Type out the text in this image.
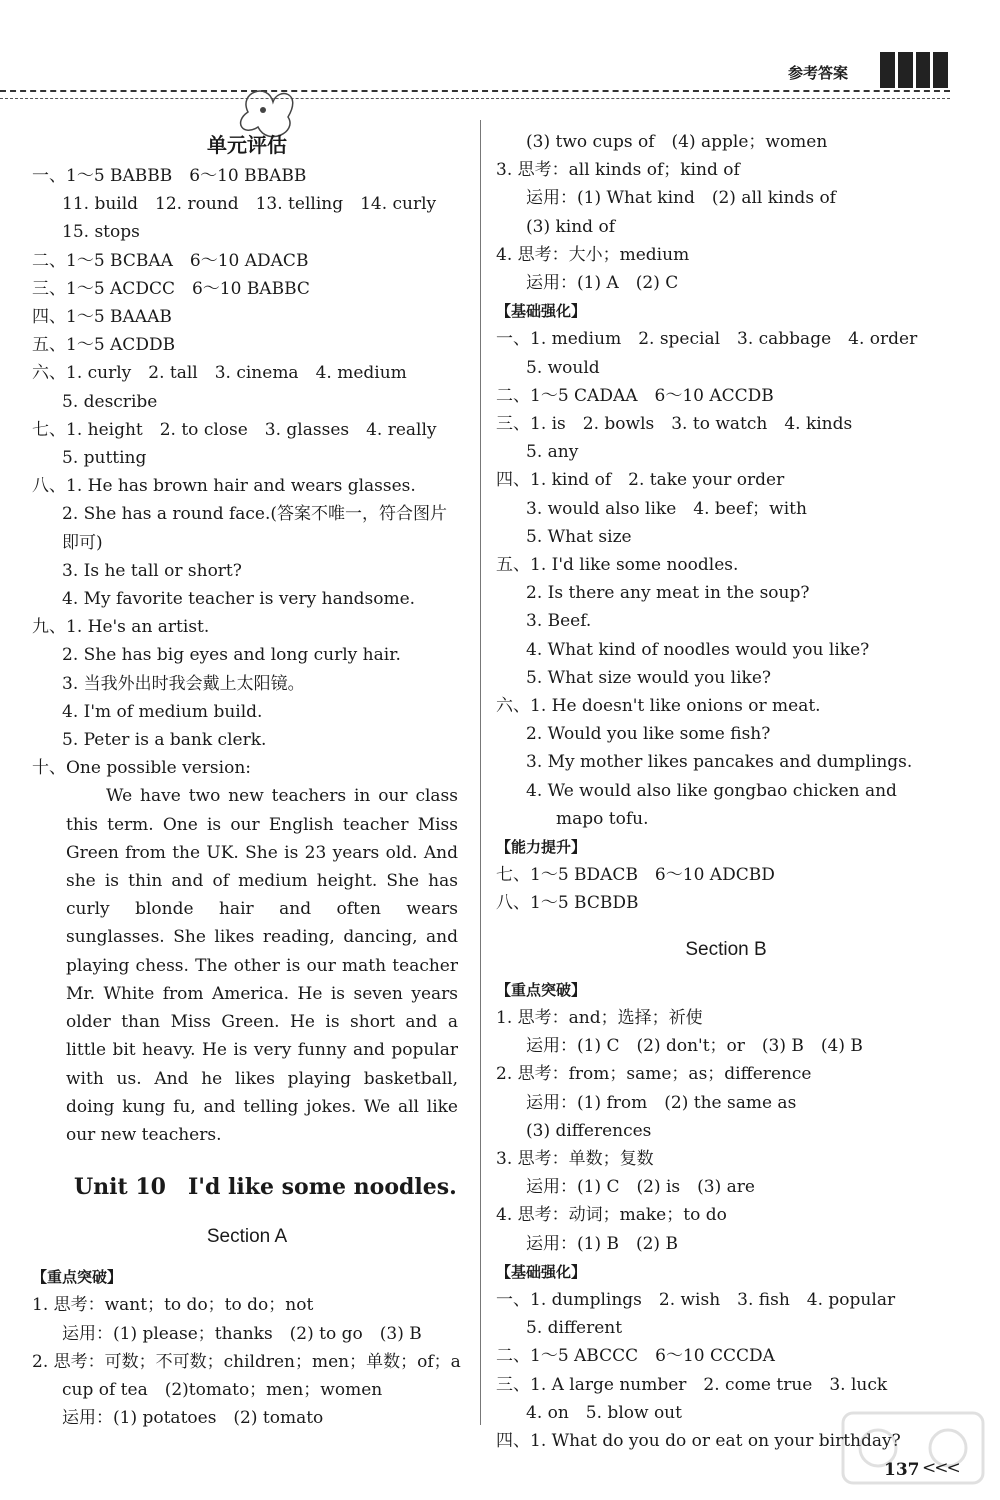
参考答案
单元评估
一、1～5 BABBB　6～10 BBABB
11. build　12. round　13. telling　14. curly
15. stops
二、1～5 BCBAA　6～10 ADACB
三、1～5 ACDCC　6～10 BABBC
四、1～5 BAAAB
五、1～5 ACDDB
六、1. curly　2. tall　3. cinema　4. medium
5. describe
七、1. height　2. to close　3. glasses　4. really
5. putting
八、1. He has brown hair and wears glasses.
2. She has a round face.(答案不唯一，符合图片
即可)
3. Is he tall or short?
4. My favorite teacher is very handsome.
九、1. He's an artist.
2. She has big eyes and long curly hair.
3. 当我外出时我会戴上太阳镜。
4. I'm of medium build.
5. Peter is a bank clerk.
十、One possible version:
We have two new teachers in our class this term. One is our English teacher Miss Green from the UK. She is 23 years old. And she is thin and of medium height. She has curly blonde hair and often wears sunglasses. She likes reading, dancing, and playing chess. The other is our math teacher Mr. White from America. He is seven years older than Miss Green. He is short and a little bit heavy. He is very funny and popular with us. And he likes playing basketball, doing kung fu, and telling jokes. We all like our new teachers.
Unit 10　I'd like some noodles.
Section A
【重点突破】
1. 思考：want；to do；to do；not
运用：(1) please；thanks　(2) to go　(3) B
2. 思考：可数；不可数；children；men；单数；of；a
cup of tea　(2)tomato；men；women
运用：(1) potatoes　(2) tomato
(3) two cups of　(4) apple；women
3. 思考：all kinds of；kind of
运用：(1) What kind　(2) all kinds of
(3) kind of
4. 思考：大小；medium
运用：(1) A　(2) C
【基础强化】
一、1. medium　2. special　3. cabbage　4. order
5. would
二、1～5 CADAA　6～10 ACCDB
三、1. is　2. bowls　3. to watch　4. kinds
5. any
四、1. kind of　2. take your order
3. would also like　4. beef；with
5. What size
五、1. I'd like some noodles.
2. Is there any meat in the soup?
3. Beef.
4. What kind of noodles would you like?
5. What size would you like?
六、1. He doesn't like onions or meat.
2. Would you like some fish?
3. My mother likes pancakes and dumplings.
4. We would also like gongbao chicken and
mapo tofu.
【能力提升】
七、1～5 BDACB　6～10 ADCBD
八、1～5 BCBDB
Section B
【重点突破】
1. 思考：and；选择；祈使
运用：(1) C　(2) don't；or　(3) B　(4) B
2. 思考：from；same；as；difference
运用：(1) from　(2) the same as
(3) differences
3. 思考：单数；复数
运用：(1) C　(2) is　(3) are
4. 思考：动词；make；to do
运用：(1) B　(2) B
【基础强化】
一、1. dumplings　2. wish　3. fish　4. popular
5. different
二、1～5 ABCCC　6～10 CCCDA
三、1. A large number　2. come true　3. luck
4. on　5. blow out
四、1. What do you do or eat on your birthday?
137 <<<
